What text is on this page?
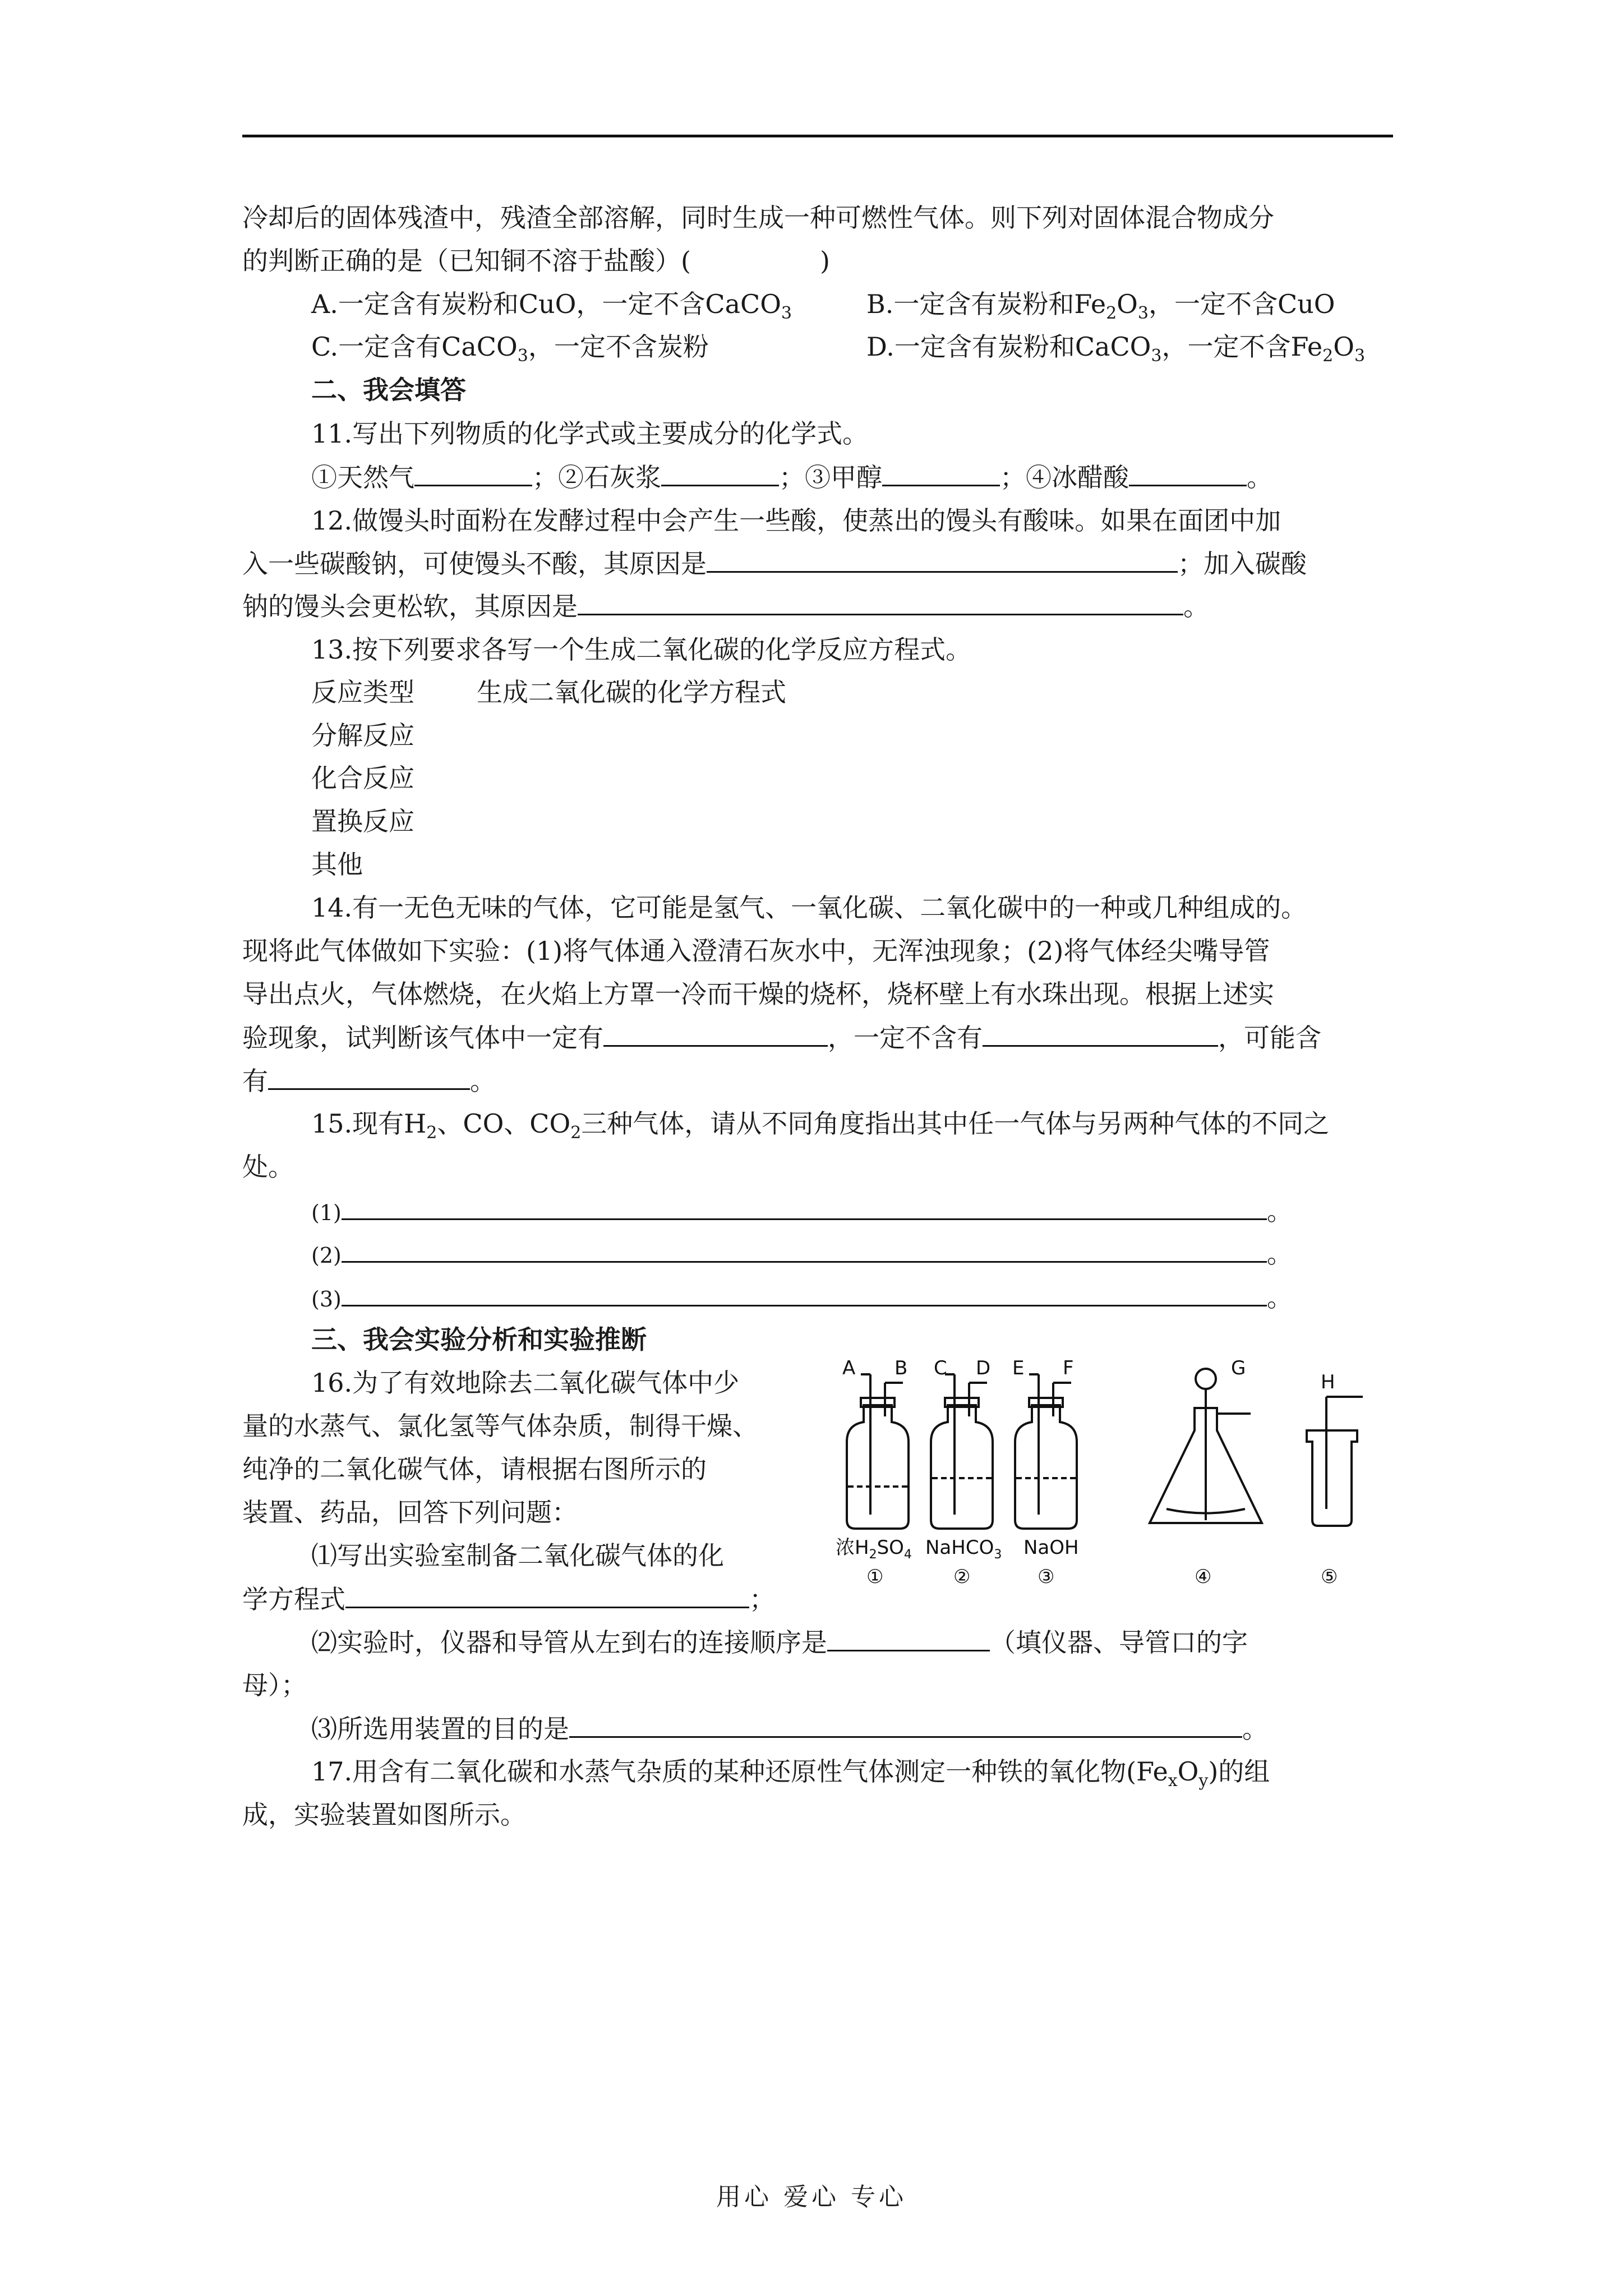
冷却后的固体残渣中，残渣全部溶解，同时生成一种可燃性气体。则下列对固体混合物成分
的判断正确的是（已知铜不溶于盐酸）(	)
A.一定含有炭粉和CuO，一定不含CaCO$_3$	B.一定含有炭粉和$Fe_2O_3$，一定不含CuO
C.一定含有CaCO$_3$，一定不含炭粉	D.一定含有炭粉和CaCO$_3$，一定不含$Fe_2O_3$
二、我会填答
11.写出下列物质的化学式或主要成分的化学式。
①天然气	；②石灰浆	；③甲醇	；④冰醋酸	。
12.做馒头时面粉在发酵过程中会产生一些酸，使蒸出的馒头有酸味。如果在面团中加
入一些碳酸钠，可使馒头不酸，其原因是	；加入碳酸
钠的馒头会更松软，其原因是	。
13.按下列要求各写一个生成二氧化碳的化学反应方程式。
反应类型 生成二氧化碳的化学方程式
分解反应
化合反应
置换反应
其他
14.有一无色无味的气体，它可能是氢气、一氧化碳、二氧化碳中的一种或几种组成的。
现将此气体做如下实验：(1)将气体通入澄清石灰水中，无浑浊现象；(2)将气体经尖嘴导管
导出点火，气体燃烧，在火焰上方罩一冷而干燥的烧杯，烧杯壁上有水珠出现。根据上述实
验现象，试判断该气体中一定有	，一定不含有	，可能含
有	。
15.现有$H_2$、CO、$CO_2$三种气体，请从不同角度指出其中任一气体与另两种气体的不同之
处。
(1)	。
(2)	。
(3)	。
三、我会实验分析和实验推断
16.为了有效地除去二氧化碳气体中少
量的水蒸气、氯化氢等气体杂质，制得干燥、
纯净的二氧化碳气体，请根据右图所示的
装置、药品，回答下列问题：
⑴写出实验室制备二氧化碳气体的化
学方程式	；
⑵实验时，仪器和导管从左到右的连接顺序是	（填仪器、导管口的字
母）；
⑶所选用装置的目的是	。
17.用含有二氧化碳和水蒸气杂质的某种还原性气体测定一种铁的氧化物$(Fe_xO_y)$的组
成，实验装置如图所示。
A B C D E F	G
H
浓$H_2SO_4$ NaHCO$_3$ NaOH
①	②	③	④	⑤
用心 爱心 专心
